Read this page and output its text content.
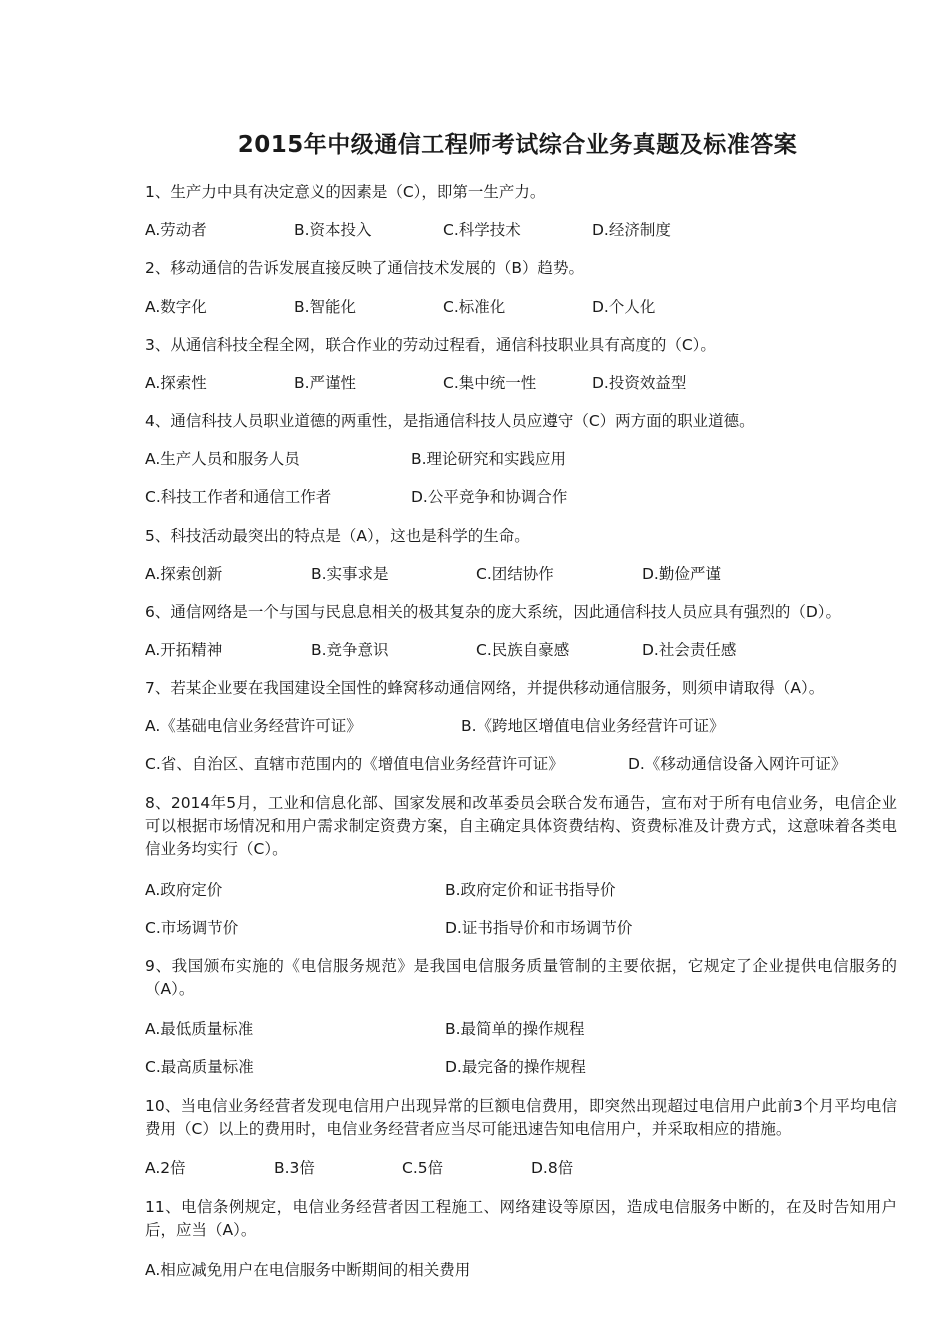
2015年中级通信工程师考试综合业务真题及标准答案
1、生产力中具有决定意义的因素是（C），即第一生产力。
A.劳动者	B.资本投入	C.科学技术	D.经济制度
2、移动通信的告诉发展直接反映了通信技术发展的（B）趋势。
A.数字化	B.智能化	C.标准化	D.个人化
3、从通信科技全程全网，联合作业的劳动过程看，通信科技职业具有高度的（C）。
A.探索性	B.严谨性	C.集中统一性	D.投资效益型
4、通信科技人员职业道德的两重性，是指通信科技人员应遵守（C）两方面的职业道德。
A.生产人员和服务人员	B.理论研究和实践应用
C.科技工作者和通信工作者	D.公平竞争和协调合作
5、科技活动最突出的特点是（A），这也是科学的生命。
A.探索创新	B.实事求是	C.团结协作	D.勤俭严谨
6、通信网络是一个与国与民息息相关的极其复杂的庞大系统，因此通信科技人员应具有强烈的（D）。
A.开拓精神	B.竞争意识	C.民族自豪感	D.社会责任感
7、若某企业要在我国建设全国性的蜂窝移动通信网络，并提供移动通信服务，则须申请取得（A）。
A.《基础电信业务经营许可证》	B.《跨地区增值电信业务经营许可证》
C.省、自治区、直辖市范围内的《增值电信业务经营许可证》	D.《移动通信设备入网许可证》
8、2014年5月，工业和信息化部、国家发展和改革委员会联合发布通告，宣布对于所有电信业务，电信企业可以根据市场情况和用户需求制定资费方案，自主确定具体资费结构、资费标准及计费方式，这意味着各类电信业务均实行（C）。
A.政府定价	B.政府定价和证书指导价
C.市场调节价	D.证书指导价和市场调节价
9、我国颁布实施的《电信服务规范》是我国电信服务质量管制的主要依据，它规定了企业提供电信服务的（A）。
A.最低质量标准	B.最简单的操作规程
C.最高质量标准	D.最完备的操作规程
10、当电信业务经营者发现电信用户出现异常的巨额电信费用，即突然出现超过电信用户此前3个月平均电信费用（C）以上的费用时，电信业务经营者应当尽可能迅速告知电信用户，并采取相应的措施。
A.2倍	B.3倍	C.5倍	D.8倍
11、电信条例规定，电信业务经营者因工程施工、网络建设等原因，造成电信服务中断的，在及时告知用户后，应当（A）。
A.相应减免用户在电信服务中断期间的相关费用
